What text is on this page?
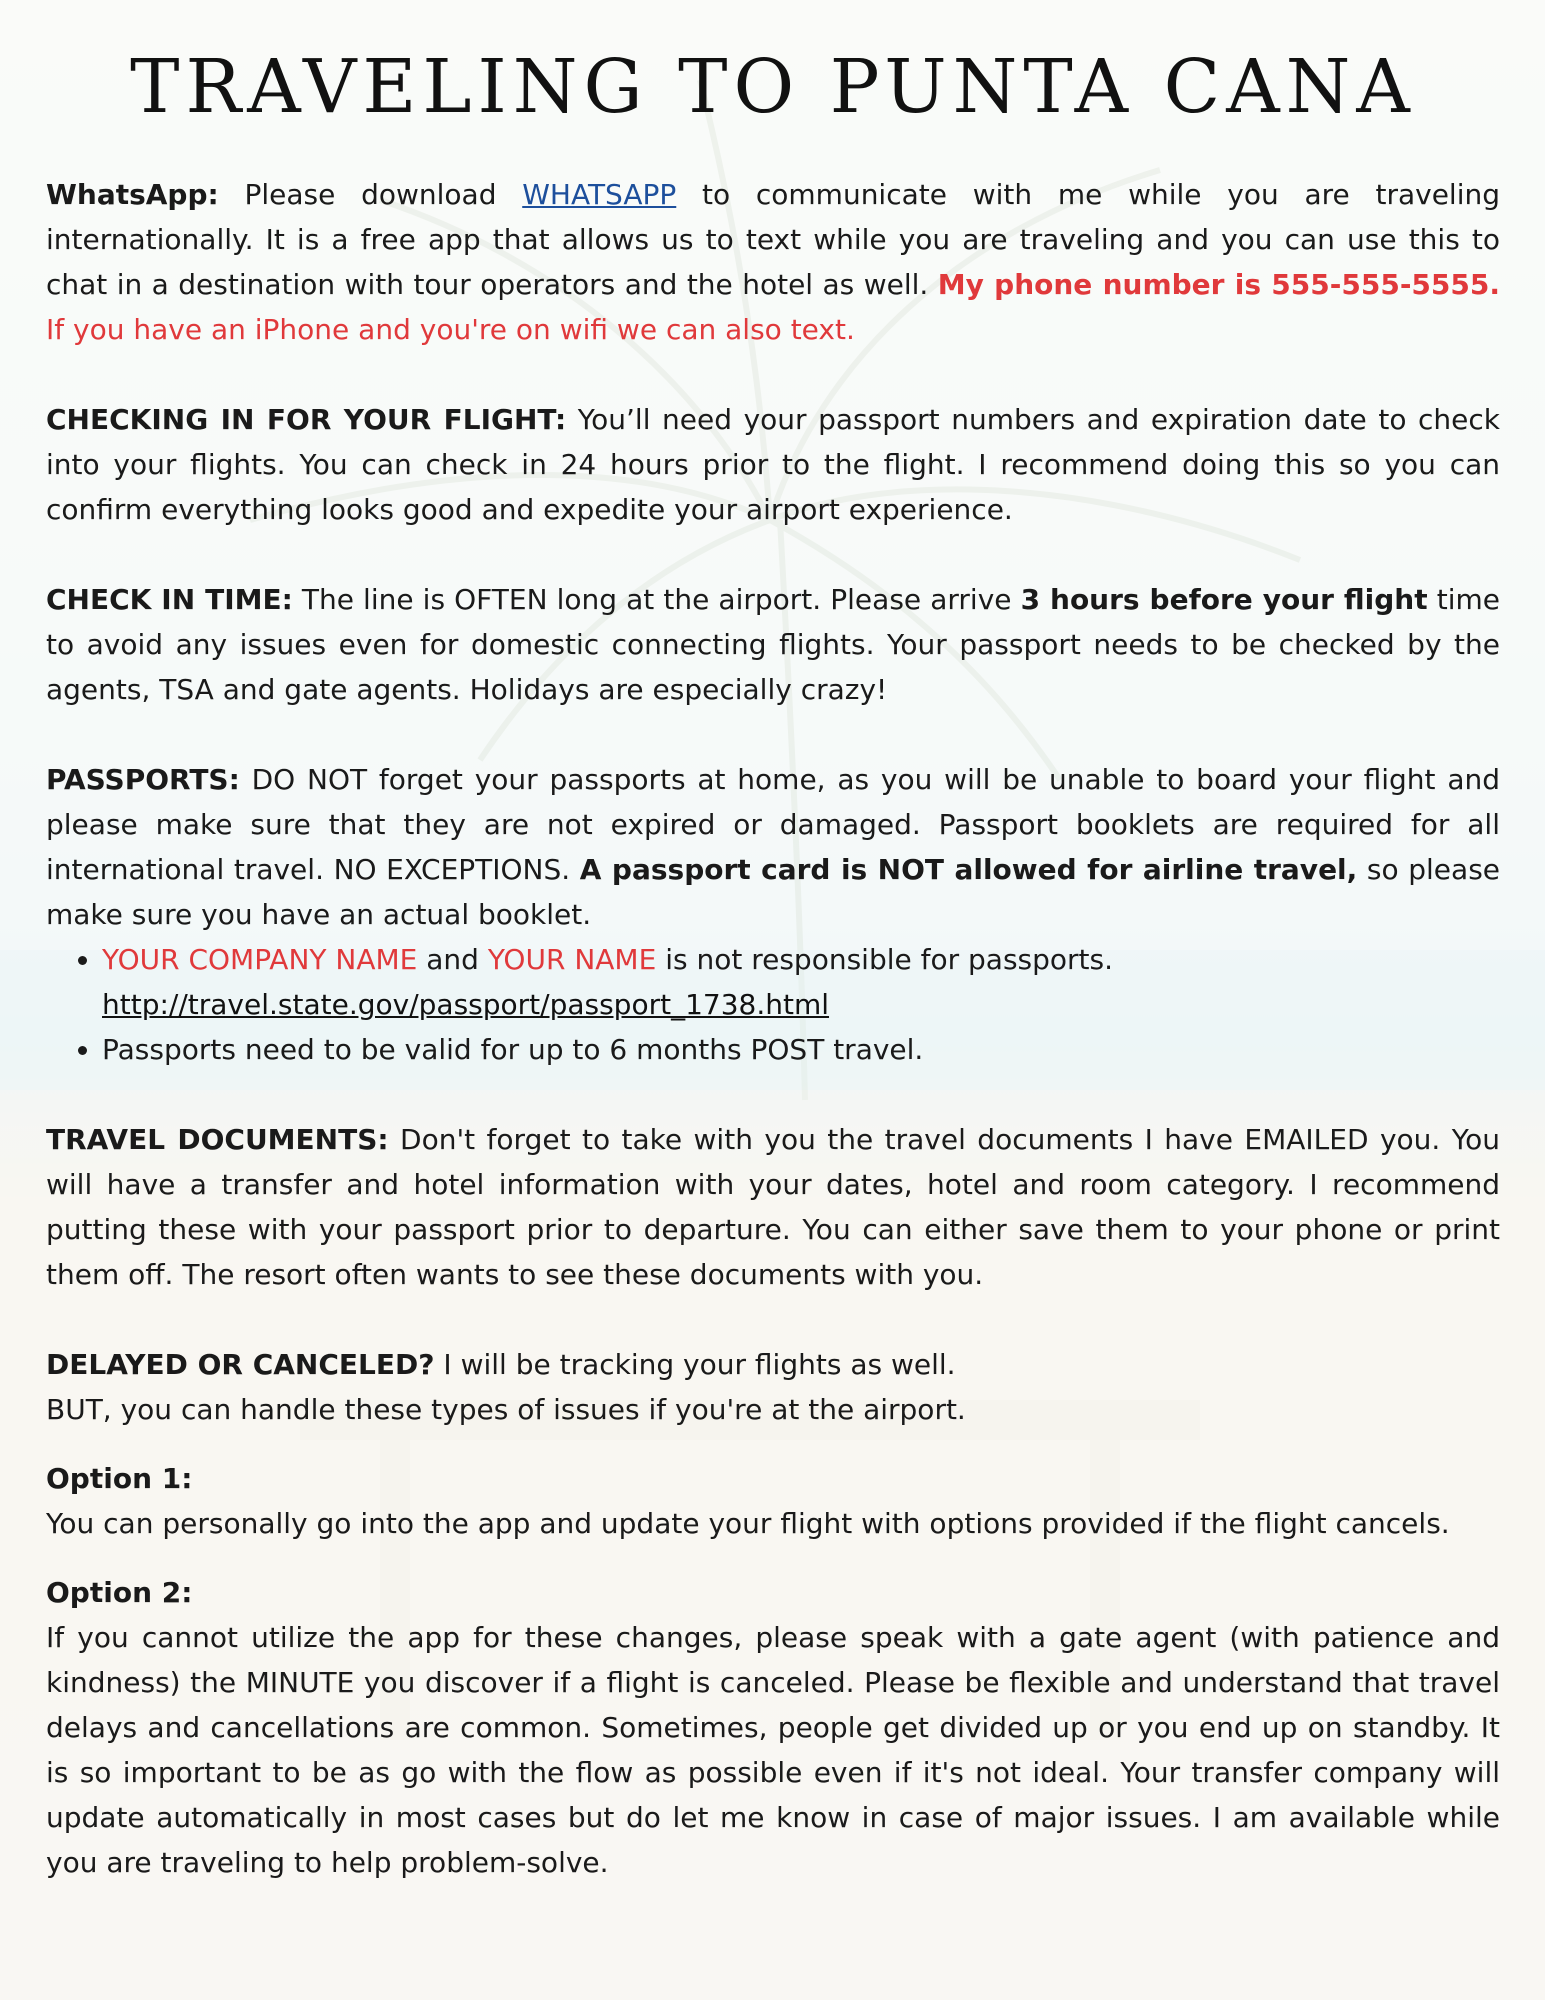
TRAVELING TO PUNTA CANA

WhatsApp: Please download WHATSAPP to communicate with me while you are traveling internationally. It is a free app that allows us to text while you are traveling and you can use this to chat in a destination with tour operators and the hotel as well. My phone number is 555-555-5555. If you have an iPhone and you're on wifi we can also text.

CHECKING IN FOR YOUR FLIGHT: You’ll need your passport numbers and expiration date to check into your flights. You can check in 24 hours prior to the flight. I recommend doing this so you can confirm everything looks good and expedite your airport experience.

CHECK IN TIME: The line is OFTEN long at the airport. Please arrive 3 hours before your flight time to avoid any issues even for domestic connecting flights. Your passport needs to be checked by the agents, TSA and gate agents. Holidays are especially crazy!

PASSPORTS: DO NOT forget your passports at home, as you will be unable to board your flight and please make sure that they are not expired or damaged. Passport booklets are required for all international travel. NO EXCEPTIONS. A passport card is NOT allowed for airline travel, so please make sure you have an actual booklet.

• YOUR COMPANY NAME and YOUR NAME is not responsible for passports.
http://travel.state.gov/passport/passport_1738.html
• Passports need to be valid for up to 6 months POST travel.

TRAVEL DOCUMENTS: Don't forget to take with you the travel documents I have EMAILED you. You will have a transfer and hotel information with your dates, hotel and room category. I recommend putting these with your passport prior to departure. You can either save them to your phone or print them off. The resort often wants to see these documents with you.

DELAYED OR CANCELED? I will be tracking your flights as well.

BUT, you can handle these types of issues if you're at the airport.

Option 1:

You can personally go into the app and update your flight with options provided if the flight cancels.

Option 2:

If you cannot utilize the app for these changes, please speak with a gate agent (with patience and kindness) the MINUTE you discover if a flight is canceled. Please be flexible and understand that travel delays and cancellations are common. Sometimes, people get divided up or you end up on standby. It is so important to be as go with the flow as possible even if it's not ideal. Your transfer company will update automatically in most cases but do let me know in case of major issues. I am available while you are traveling to help problem-solve.
